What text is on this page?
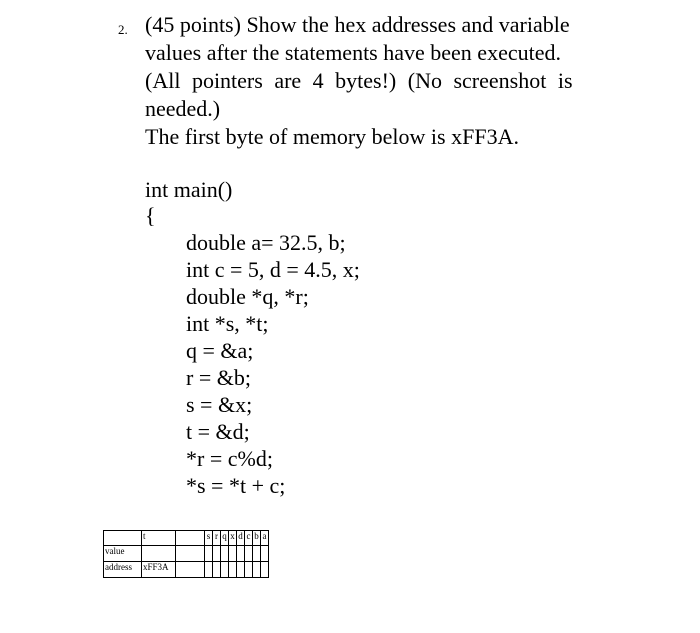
2. (45 points) Show the hex addresses and variable
values after the statements have been executed.
(All pointers are 4 bytes!) (No screenshot is
needed.)
The first byte of memory below is xFF3A.
int main()
{
double a= 32.5, b;
int c = 5, d = 4.5, x;
double *q, *r;
int *s, *t;
q = &a;
r = &b;
s = &x;
t = &d;
*r = c%d;
*s = *t + c;
	t		s	r	q	x	d	c	b	a
value										
address	xFF3A									
